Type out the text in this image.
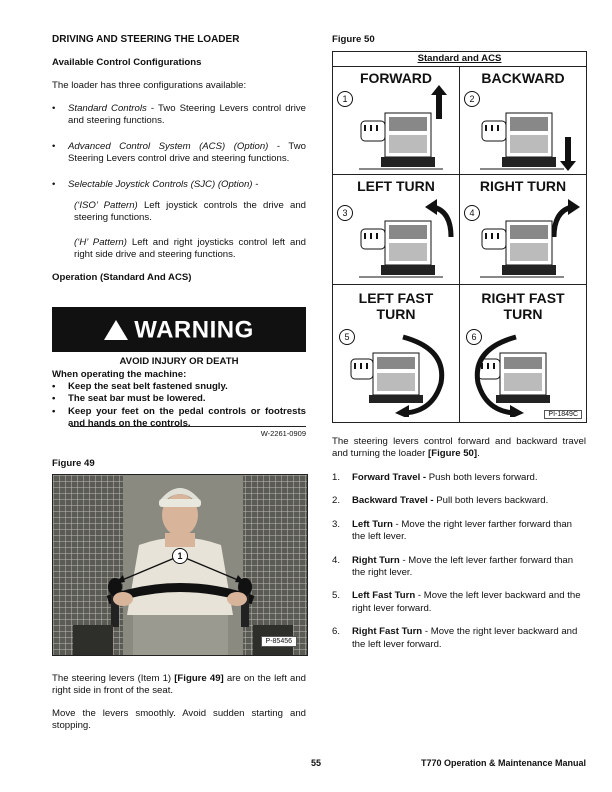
DRIVING AND STEERING THE LOADER
Available Control Configurations
The loader has three configurations available:
• Standard Controls - Two Steering Levers control drive and steering functions.
• Advanced Control System (ACS) (Option) - Two Steering Levers control drive and steering functions.
• Selectable Joystick Controls (SJC) (Option) -
(‘ISO’ Pattern) Left joystick controls the drive and steering functions.
(‘H’ Pattern) Left and right joysticks control left and right side drive and steering functions.
Operation (Standard And ACS)
!
WARNING
AVOID INJURY OR DEATH
When operating the machine:
• Keep the seat belt fastened snugly.
• The seat bar must be lowered.
• Keep your feet on the pedal controls or footrests and hands on the controls.
W-2261-0909
Figure 49
1
P-85456
The steering levers (Item 1) [Figure 49] are on the left and right side in front of the seat.
Move the levers smoothly. Avoid sudden starting and stopping.
Figure 50
Standard and ACS
FORWARD
1
BACKWARD
2
LEFT TURN
3
RIGHT TURN
4
LEFT FAST
TURN
5
RIGHT FAST
TURN
6
PI-1849C
The steering levers control forward and backward travel and turning the loader [Figure 50].
1. Forward Travel - Push both levers forward.
2. Backward Travel - Pull both levers backward.
3. Left Turn - Move the right lever farther forward than the left lever.
4. Right Turn - Move the left lever farther forward than the right lever.
5. Left Fast Turn - Move the left lever backward and the right lever forward.
6. Right Fast Turn - Move the right lever backward and the left lever forward.
55	T770 Operation & Maintenance Manual
